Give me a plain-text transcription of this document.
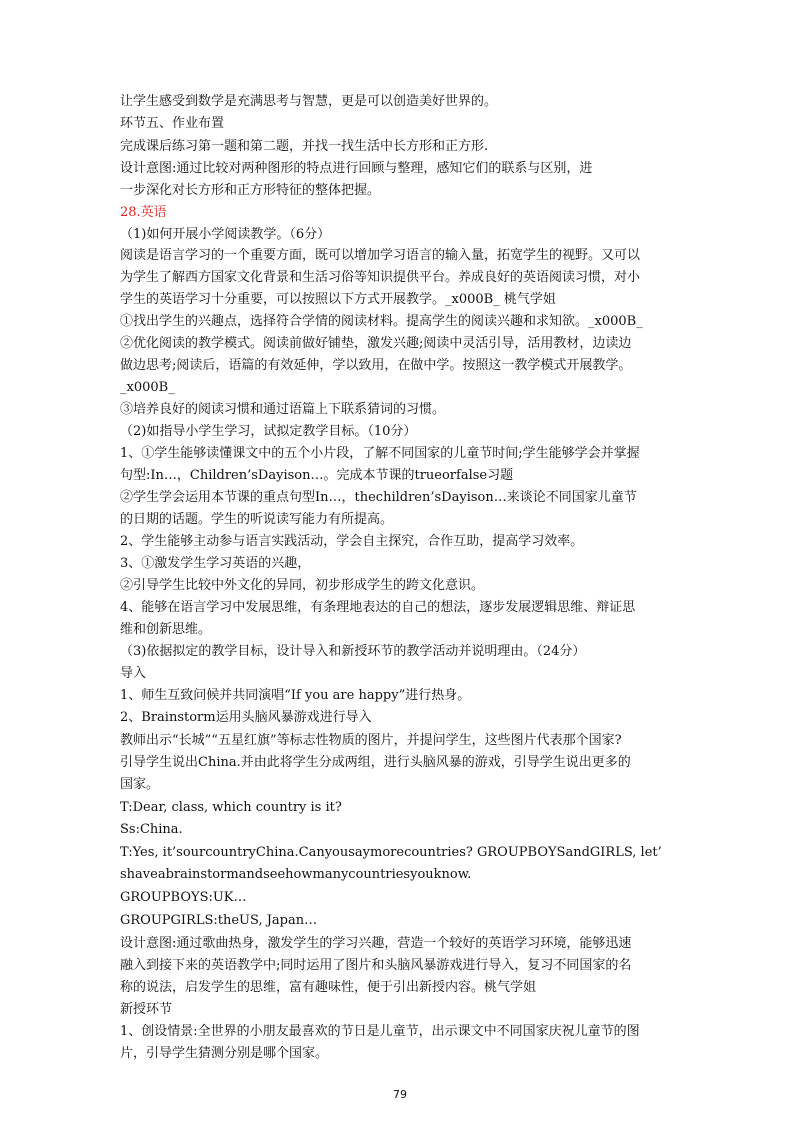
让学生感受到数学是充满思考与智慧，更是可以创造美好世界的。
环节五、作业布置
完成课后练习第一题和第二题，并找一找生活中长方形和正方形.
设计意图:通过比较对两种图形的特点进行回顾与整理，感知它们的联系与区别，进
一步深化对长方形和正方形特征的整体把握。
28.英语
（1)如何开展小学阅读教学。（6分）
阅读是语言学习的一个重要方面，既可以增加学习语言的输入量，拓宽学生的视野。又可以
为学生了解西方国家文化背景和生活习俗等知识提供平台。养成良好的英语阅读习惯，对小
学生的英语学习十分重要，可以按照以下方式开展教学。_x000B_ 桃气学姐
①找出学生的兴趣点，选择符合学情的阅读材料。提高学生的阅读兴趣和求知欲。_x000B_
②优化阅读的教学模式。阅读前做好铺垫，激发兴趣;阅读中灵活引导，活用教材，边读边
做边思考;阅读后，语篇的有效延伸，学以致用，在做中学。按照这一教学模式开展教学。
_x000B_
③培养良好的阅读习惯和通过语篇上下联系猜词的习惯。
（2)如指导小学生学习，试拟定教学目标。（10分）
1、①学生能够读懂课文中的五个小片段，了解不同国家的儿童节时间;学生能够学会并掌握
句型:In…，Children’sDayison…。完成本节课的trueorfalse习题
②学生学会运用本节课的重点句型In…，thechildren’sDayison…来谈论不同国家儿童节
的日期的话题。学生的听说读写能力有所提高。
2、学生能够主动参与语言实践活动，学会自主探究，合作互助，提高学习效率。
3、①激发学生学习英语的兴趣，
②引导学生比较中外文化的异同，初步形成学生的跨文化意识。
4、能够在语言学习中发展思维，有条理地表达的自己的想法，逐步发展逻辑思维、辩证思
维和创新思维。
（3)依据拟定的教学目标，设计导入和新授环节的教学活动并说明理由。（24分）
导入
1、师生互致问候并共同演唱“If you are happy”进行热身。
2、Brainstorm运用头脑风暴游戏进行导入
教师出示“长城”“五星红旗”等标志性物质的图片，并提问学生，这些图片代表那个国家?
引导学生说出China.并由此将学生分成两组，进行头脑风暴的游戏，引导学生说出更多的
国家。
T:Dear, class, which country is it?
Ss:China.
T:Yes, it’sourcountryChina.Canyousaymorecountries? GROUPBOYSandGIRLS, let’
shaveabrainstormandseehowmanycountriesyouknow.
GROUPBOYS:UK…
GROUPGIRLS:theUS, Japan…
设计意图:通过歌曲热身，激发学生的学习兴趣，营造一个较好的英语学习环境，能够迅速
融入到接下来的英语教学中;同时运用了图片和头脑风暴游戏进行导入，复习不同国家的名
称的说法，启发学生的思维，富有趣味性，便于引出新授内容。桃气学姐
新授环节
1、创设情景:全世界的小朋友最喜欢的节日是儿童节，出示课文中不同国家庆祝儿童节的图
片，引导学生猜测分别是哪个国家。
79
